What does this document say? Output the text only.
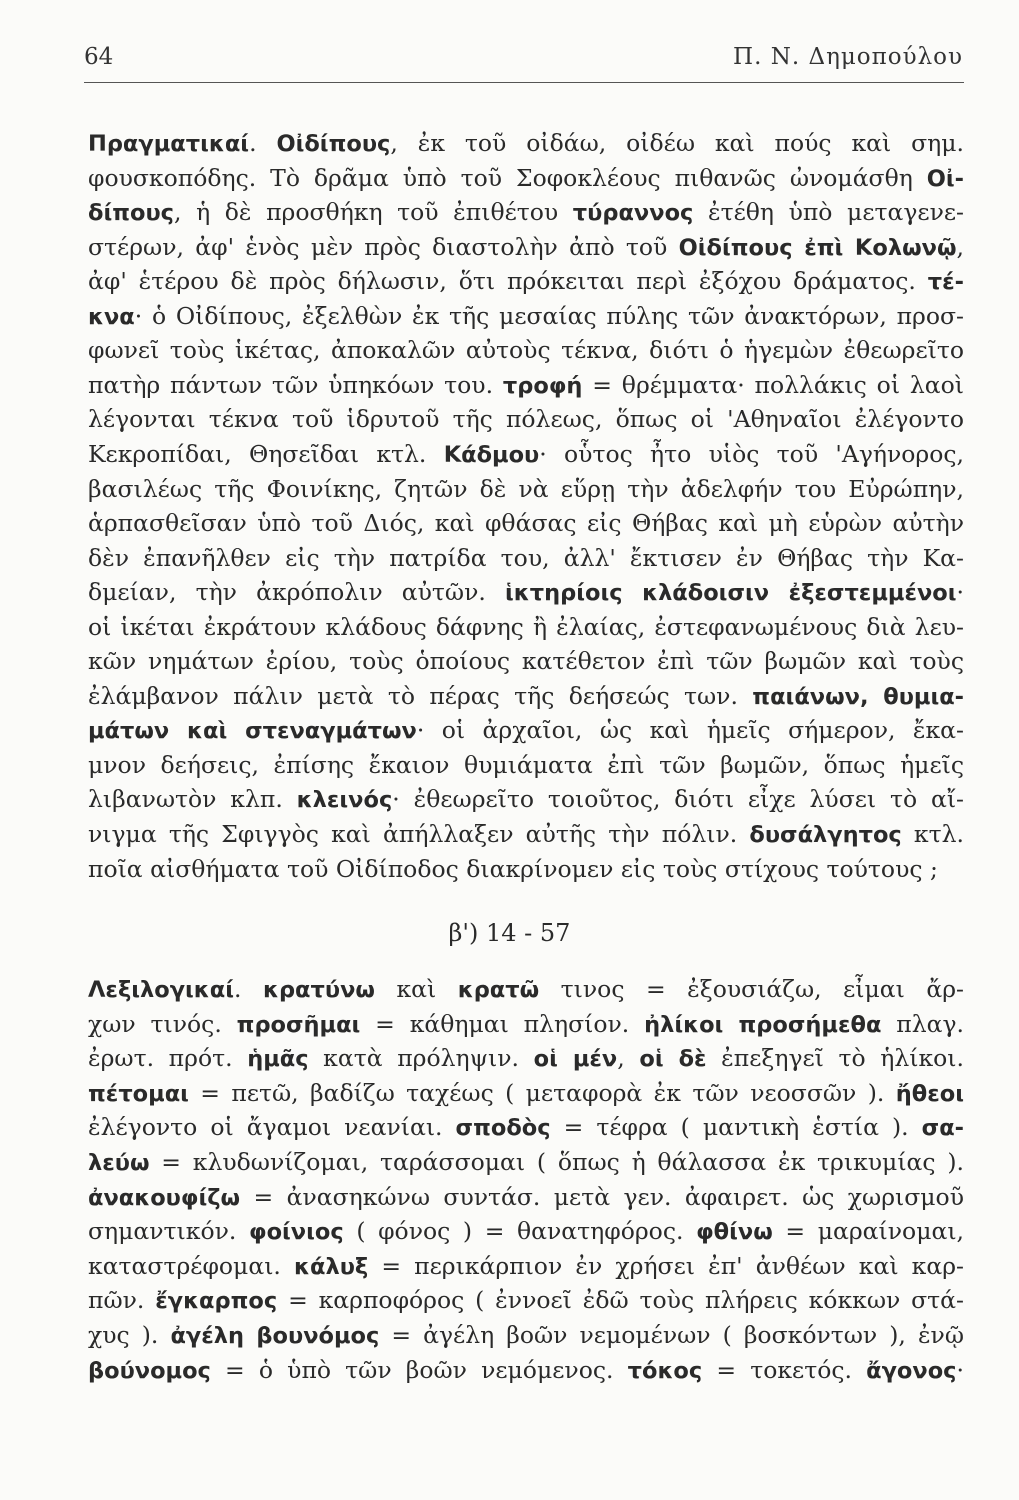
64	Π. Ν. Δημοπούλου
Πραγματικαί. Οἰδίπους, ἐκ τοῦ οἰδάω, οἰδέω καὶ πούς καὶ σημ.
φουσκοπόδης. Τὸ δρᾶμα ὑπὸ τοῦ Σοφοκλέους πιθανῶς ὠνομάσθη Οἰ-
δίπους, ἡ δὲ προσθήκη τοῦ ἐπιθέτου τύραννος ἐτέθη ὑπὸ μεταγενε-
στέρων, ἀφ' ἑνὸς μὲν πρὸς διαστολὴν ἀπὸ τοῦ Οἰδίπους ἐπὶ Κολωνῷ,
ἀφ' ἑτέρου δὲ πρὸς δήλωσιν, ὅτι πρόκειται περὶ ἐξόχου δράματος. τέ-
κνα· ὁ Οἰδίπους, ἐξελθὼν ἐκ τῆς μεσαίας πύλης τῶν ἀνακτόρων, προσ-
φωνεῖ τοὺς ἱκέτας, ἀποκαλῶν αὐτοὺς τέκνα, διότι ὁ ἡγεμὼν ἐθεωρεῖτο
πατὴρ πάντων τῶν ὑπηκόων του. τροφή = θρέμματα· πολλάκις οἱ λαοὶ
λέγονται τέκνα τοῦ ἱδρυτοῦ τῆς πόλεως, ὅπως οἱ 'Αθηναῖοι ἐλέγοντο
Κεκροπίδαι, Θησεῖδαι κτλ. Κάδμου· οὗτος ἦτο υἱὸς τοῦ 'Αγήνορος,
βασιλέως τῆς Φοινίκης, ζητῶν δὲ νὰ εὕρῃ τὴν ἀδελφήν του Εὐρώπην,
ἁρπασθεῖσαν ὑπὸ τοῦ Διός, καὶ φθάσας εἰς Θήβας καὶ μὴ εὑρὼν αὐτὴν
δὲν ἐπανῆλθεν εἰς τὴν πατρίδα του, ἀλλ' ἔκτισεν ἐν Θήβας τὴν Κα-
δμείαν, τὴν ἀκρόπολιν αὐτῶν. ἱκτηρίοις κλάδοισιν ἐξεστεμμένοι·
οἱ ἱκέται ἐκράτουν κλάδους δάφνης ἢ ἐλαίας, ἐστεφανωμένους διὰ λευ-
κῶν νημάτων ἐρίου, τοὺς ὁποίους κατέθετον ἐπὶ τῶν βωμῶν καὶ τοὺς
ἐλάμβανον πάλιν μετὰ τὸ πέρας τῆς δεήσεώς των. παιάνων, θυμια-
μάτων καὶ στεναγμάτων· οἱ ἀρχαῖοι, ὡς καὶ ἡμεῖς σήμερον, ἔκα-
μνον δεήσεις, ἐπίσης ἔκαιον θυμιάματα ἐπὶ τῶν βωμῶν, ὅπως ἡμεῖς
λιβανωτὸν κλπ. κλεινός· ἐθεωρεῖτο τοιοῦτος, διότι εἶχε λύσει τὸ αἴ-
νιγμα τῆς Σφιγγὸς καὶ ἀπήλλαξεν αὐτῆς τὴν πόλιν. δυσάλγητος κτλ.
ποῖα αἰσθήματα τοῦ Οἰδίποδος διακρίνομεν εἰς τοὺς στίχους τούτους ;
β') 14 - 57
Λεξιλογικαί. κρατύνω καὶ κρατῶ τινος = ἐξουσιάζω, εἶμαι ἄρ-
χων τινός. προσῆμαι = κάθημαι πλησίον. ἠλίκοι προσήμεθα πλαγ.
ἐρωτ. πρότ. ἡμᾶς κατὰ πρόληψιν. οἱ μέν, οἱ δὲ ἐπεξηγεῖ τὸ ἡλίκοι.
πέτομαι = πετῶ, βαδίζω ταχέως ( μεταφορὰ ἐκ τῶν νεοσσῶν ). ἤθεοι
ἐλέγοντο οἱ ἄγαμοι νεανίαι. σποδὸς = τέφρα ( μαντικὴ ἑστία ). σα-
λεύω = κλυδωνίζομαι, ταράσσομαι ( ὅπως ἡ θάλασσα ἐκ τρικυμίας ).
ἀνακουφίζω = ἀνασηκώνω συντάσ. μετὰ γεν. ἀφαιρετ. ὡς χωρισμοῦ
σημαντικόν. φοίνιος ( φόνος ) = θανατηφόρος. φθίνω = μαραίνομαι,
καταστρέφομαι. κάλυξ = περικάρπιον ἐν χρήσει ἐπ' ἀνθέων καὶ καρ-
πῶν. ἔγκαρπος = καρποφόρος ( ἐννοεῖ ἐδῶ τοὺς πλήρεις κόκκων στά-
χυς ). ἀγέλη βουνόμος = ἀγέλη βοῶν νεμομένων ( βοσκόντων ), ἐνῷ
βούνομος = ὁ ὑπὸ τῶν βοῶν νεμόμενος. τόκος = τοκετός. ἄγονος·
